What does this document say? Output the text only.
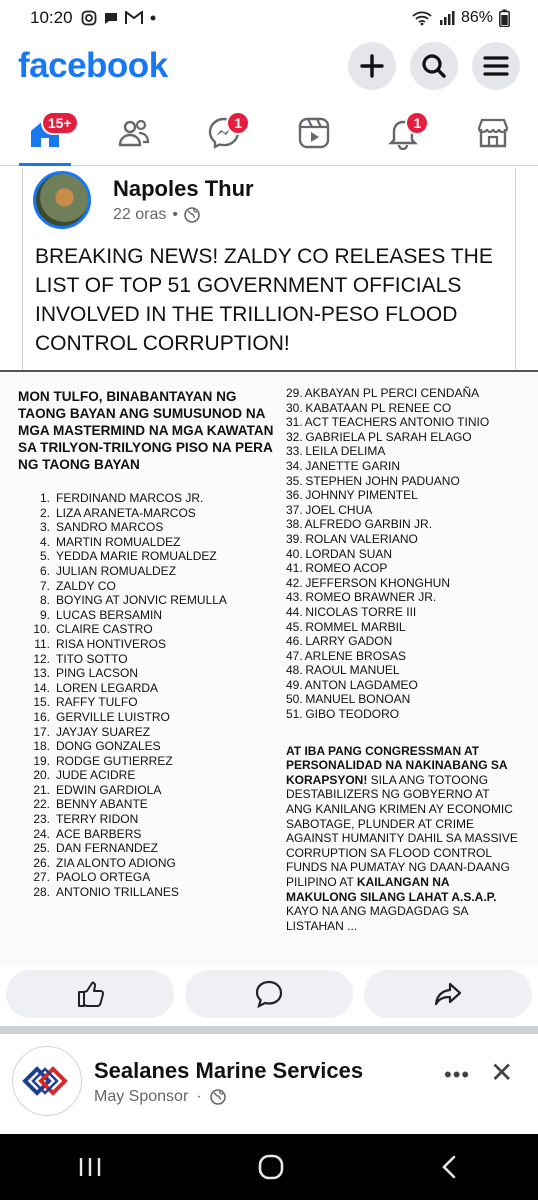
10:20	86%
facebook
15+	1	1
Napoles Thur
22 oras •
BREAKING NEWS! ZALDY CO RELEASES THE LIST OF TOP 51 GOVERNMENT OFFICIALS INVOLVED IN THE TRILLION-PESO FLOOD CONTROL CORRUPTION!
MON TULFO, BINABANTAYAN NG TAONG BAYAN ANG SUMUSUNOD NA MGA MASTERMIND NA MGA KAWATAN SA TRILYON-TRILYONG PISO NA PERA NG TAONG BAYAN
1. FERDINAND MARCOS JR.
2. LIZA ARANETA-MARCOS
3. SANDRO MARCOS
4. MARTIN ROMUALDEZ
5. YEDDA MARIE ROMUALDEZ
6. JULIAN ROMUALDEZ
7. ZALDY CO
8. BOYING AT JONVIC REMULLA
9. LUCAS BERSAMIN
10. CLAIRE CASTRO
11. RISA HONTIVEROS
12. TITO SOTTO
13. PING LACSON
14. LOREN LEGARDA
15. RAFFY TULFO
16. GERVILLE LUISTRO
17. JAYJAY SUAREZ
18. DONG GONZALES
19. RODGE GUTIERREZ
20. JUDE ACIDRE
21. EDWIN GARDIOLA
22. BENNY ABANTE
23. TERRY RIDON
24. ACE BARBERS
25. DAN FERNANDEZ
26. ZIA ALONTO ADIONG
27. PAOLO ORTEGA
28. ANTONIO TRILLANES
29. AKBAYAN PL PERCI CENDAÑA
30. KABATAAN PL RENEE CO
31. ACT TEACHERS ANTONIO TINIO
32. GABRIELA PL SARAH ELAGO
33. LEILA DELIMA
34. JANETTE GARIN
35. STEPHEN JOHN PADUANO
36. JOHNNY PIMENTEL
37. JOEL CHUA
38. ALFREDO GARBIN JR.
39. ROLAN VALERIANO
40. LORDAN SUAN
41. ROMEO ACOP
42. JEFFERSON KHONGHUN
43. ROMEO BRAWNER JR.
44. NICOLAS TORRE III
45. ROMMEL MARBIL
46. LARRY GADON
47. ARLENE BROSAS
48. RAOUL MANUEL
49. ANTON LAGDAMEO
50. MANUEL BONOAN
51. GIBO TEODORO
AT IBA PANG CONGRESSMAN AT PERSONALIDAD NA NAKINABANG SA KORAPSYON! SILA ANG TOTOONG DESTABILIZERS NG GOBYERNO AT ANG KANILANG KRIMEN AY ECONOMIC SABOTAGE, PLUNDER AT CRIME AGAINST HUMANITY DAHIL SA MASSIVE CORRUPTION SA FLOOD CONTROL FUNDS NA PUMATAY NG DAAN-DAANG PILIPINO AT KAILANGAN NA MAKULONG SILANG LAHAT A.S.A.P.
KAYO NA ANG MAGDAGDAG SA LISTAHAN ...
Sealanes Marine Services
May Sponsor ·
••• ✕
